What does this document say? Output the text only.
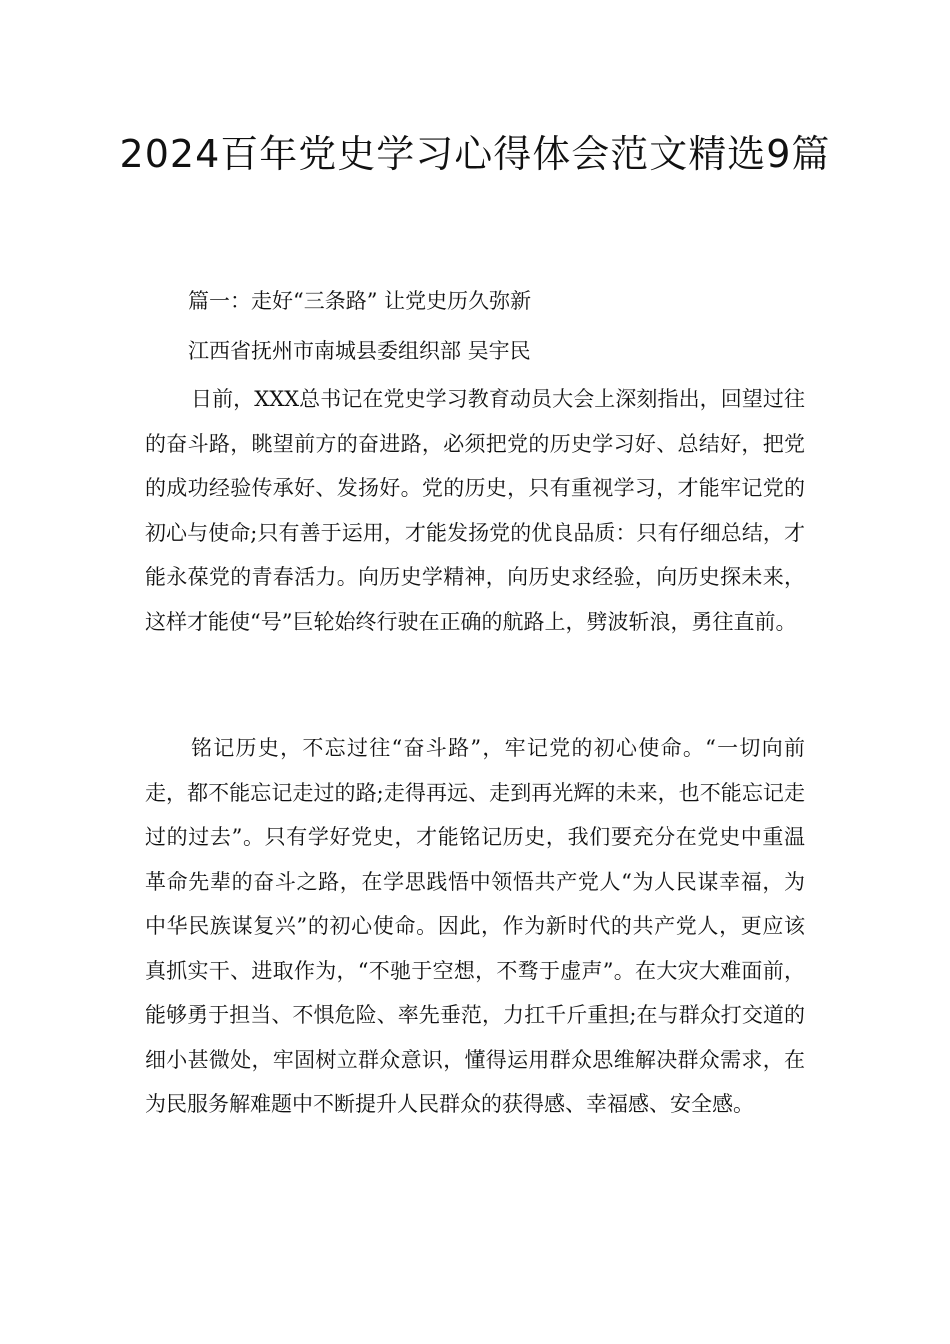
2024百年党史学习心得体会范文精选9篇
篇一：走好“三条路” 让党史历久弥新
江西省抚州市南城县委组织部 吴宇民

日前，XXX总书记在党史学习教育动员大会上深刻指出，回望过往的奋斗路，眺望前方的奋进路，必须把党的历史学习好、总结好，把党的成功经验传承好、发扬好。党的历史，只有重视学习，才能牢记党的初心与使命;只有善于运用，才能发扬党的优良品质：只有仔细总结，才能永葆党的青春活力。向历史学精神，向历史求经验，向历史探未来，这样才能使“号”巨轮始终行驶在正确的航路上，劈波斩浪，勇往直前。

铭记历史，不忘过往“奋斗路”，牢记党的初心使命。“一切向前走，都不能忘记走过的路;走得再远、走到再光辉的未来，也不能忘记走过的过去”。只有学好党史，才能铭记历史，我们要充分在党史中重温革命先辈的奋斗之路，在学思践悟中领悟共产党人“为人民谋幸福，为中华民族谋复兴”的初心使命。因此，作为新时代的共产党人，更应该真抓实干、进取作为，“不驰于空想，不骛于虚声”。在大灾大难面前，能够勇于担当、不惧危险、率先垂范，力扛千斤重担;在与群众打交道的细小甚微处，牢固树立群众意识，懂得运用群众思维解决群众需求，在为民服务解难题中不断提升人民群众的获得感、幸福感、安全感。
